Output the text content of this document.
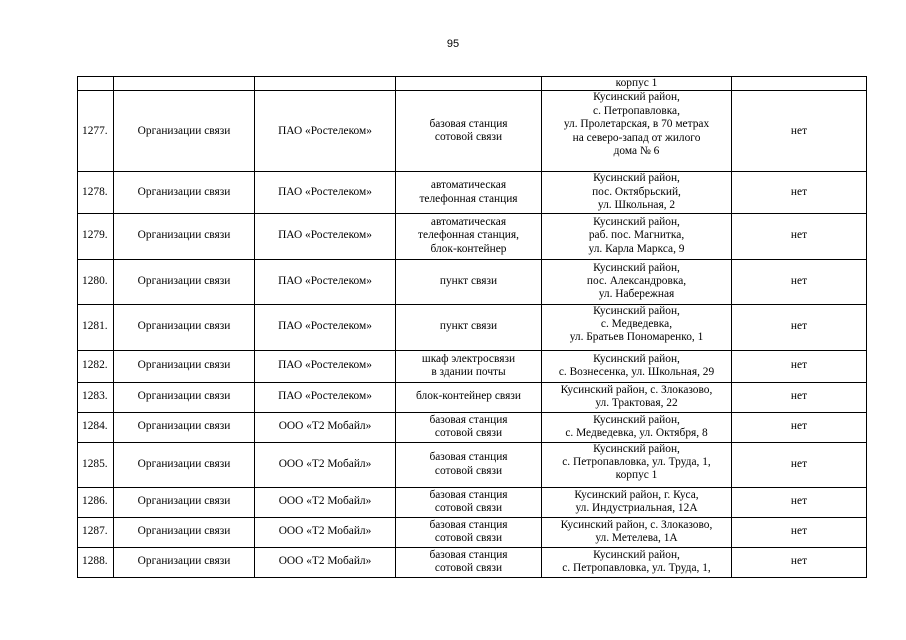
95

				корпус 1	

1277.	Организации связи	ПАО «Ростелеком»	базовая станция
сотовой связи	Кусинский район,
с. Петропавловка,
ул. Пролетарская, в 70 метрах
на северо-запад от жилого
дома № 6	нет
1278.	Организации связи	ПАО «Ростелеком»	автоматическая
телефонная станция	Кусинский район,
пос. Октябрьский,
ул. Школьная, 2	нет
1279.	Организации связи	ПАО «Ростелеком»	автоматическая
телефонная станция,
блок-контейнер	Кусинский район,
раб. пос. Магнитка,
ул. Карла Маркса, 9	нет
1280.	Организации связи	ПАО «Ростелеком»	пункт связи	Кусинский район,
пос. Александровка,
ул. Набережная	нет
1281.	Организации связи	ПАО «Ростелеком»	пункт связи	Кусинский район,
с. Медведевка,
ул. Братьев Пономаренко, 1	нет
1282.	Организации связи	ПАО «Ростелеком»	шкаф электросвязи
в здании почты	Кусинский район,
с. Вознесенка, ул. Школьная, 29	нет
1283.	Организации связи	ПАО «Ростелеком»	блок-контейнер связи	Кусинский район, с. Злоказово,
ул. Трактовая, 22	нет
1284.	Организации связи	ООО «Т2 Мобайл»	базовая станция
сотовой связи	Кусинский район,
с. Медведевка, ул. Октября, 8	нет
1285.	Организации связи	ООО «Т2 Мобайл»	базовая станция
сотовой связи	Кусинский район,
с. Петропавловка, ул. Труда, 1,
корпус 1	нет
1286.	Организации связи	ООО «Т2 Мобайл»	базовая станция
сотовой связи	Кусинский район, г. Куса,
ул. Индустриальная, 12А	нет
1287.	Организации связи	ООО «Т2 Мобайл»	базовая станция
сотовой связи	Кусинский район, с. Злоказово,
ул. Метелева, 1А	нет
1288.	Организации связи	ООО «Т2 Мобайл»	базовая станция
сотовой связи	Кусинский район,
с. Петропавловка, ул. Труда, 1,	нет
